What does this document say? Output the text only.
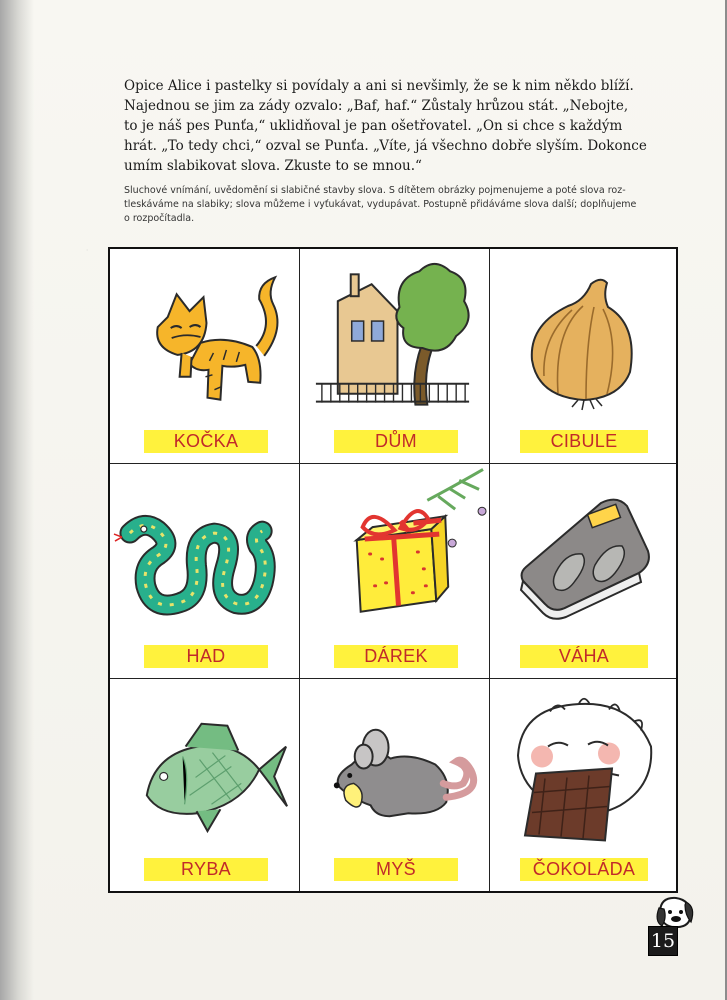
Opice Alice i pastelky si povídaly a ani si nevšimly, že se k nim někdo blíží.
Najednou se jim za zády ozvalo: „Baf, haf.“ Zůstaly hrůzou stát. „Nebojte,
to je náš pes Punťa,“ uklidňoval je pan ošetřovatel. „On si chce s každým
hrát. „To tedy chci,“ ozval se Punťa. „Víte, já všechno dobře slyším. Dokonce
umím slabikovat slova. Zkuste to se mnou.“
Sluchové vnímání, uvědomění si slabičné stavby slova. S dítětem obrázky pojmenujeme a poté slova roz-
tleskáváme na slabiky; slova můžeme i vyťukávat, vydupávat. Postupně přidáváme slova další; doplňujeme
o rozpočítadla.
KOČKA	DŮM	CIBULE
HAD	DÁREK	VÁHA
RYBA	MYŠ	ČOKOLÁDA
15
